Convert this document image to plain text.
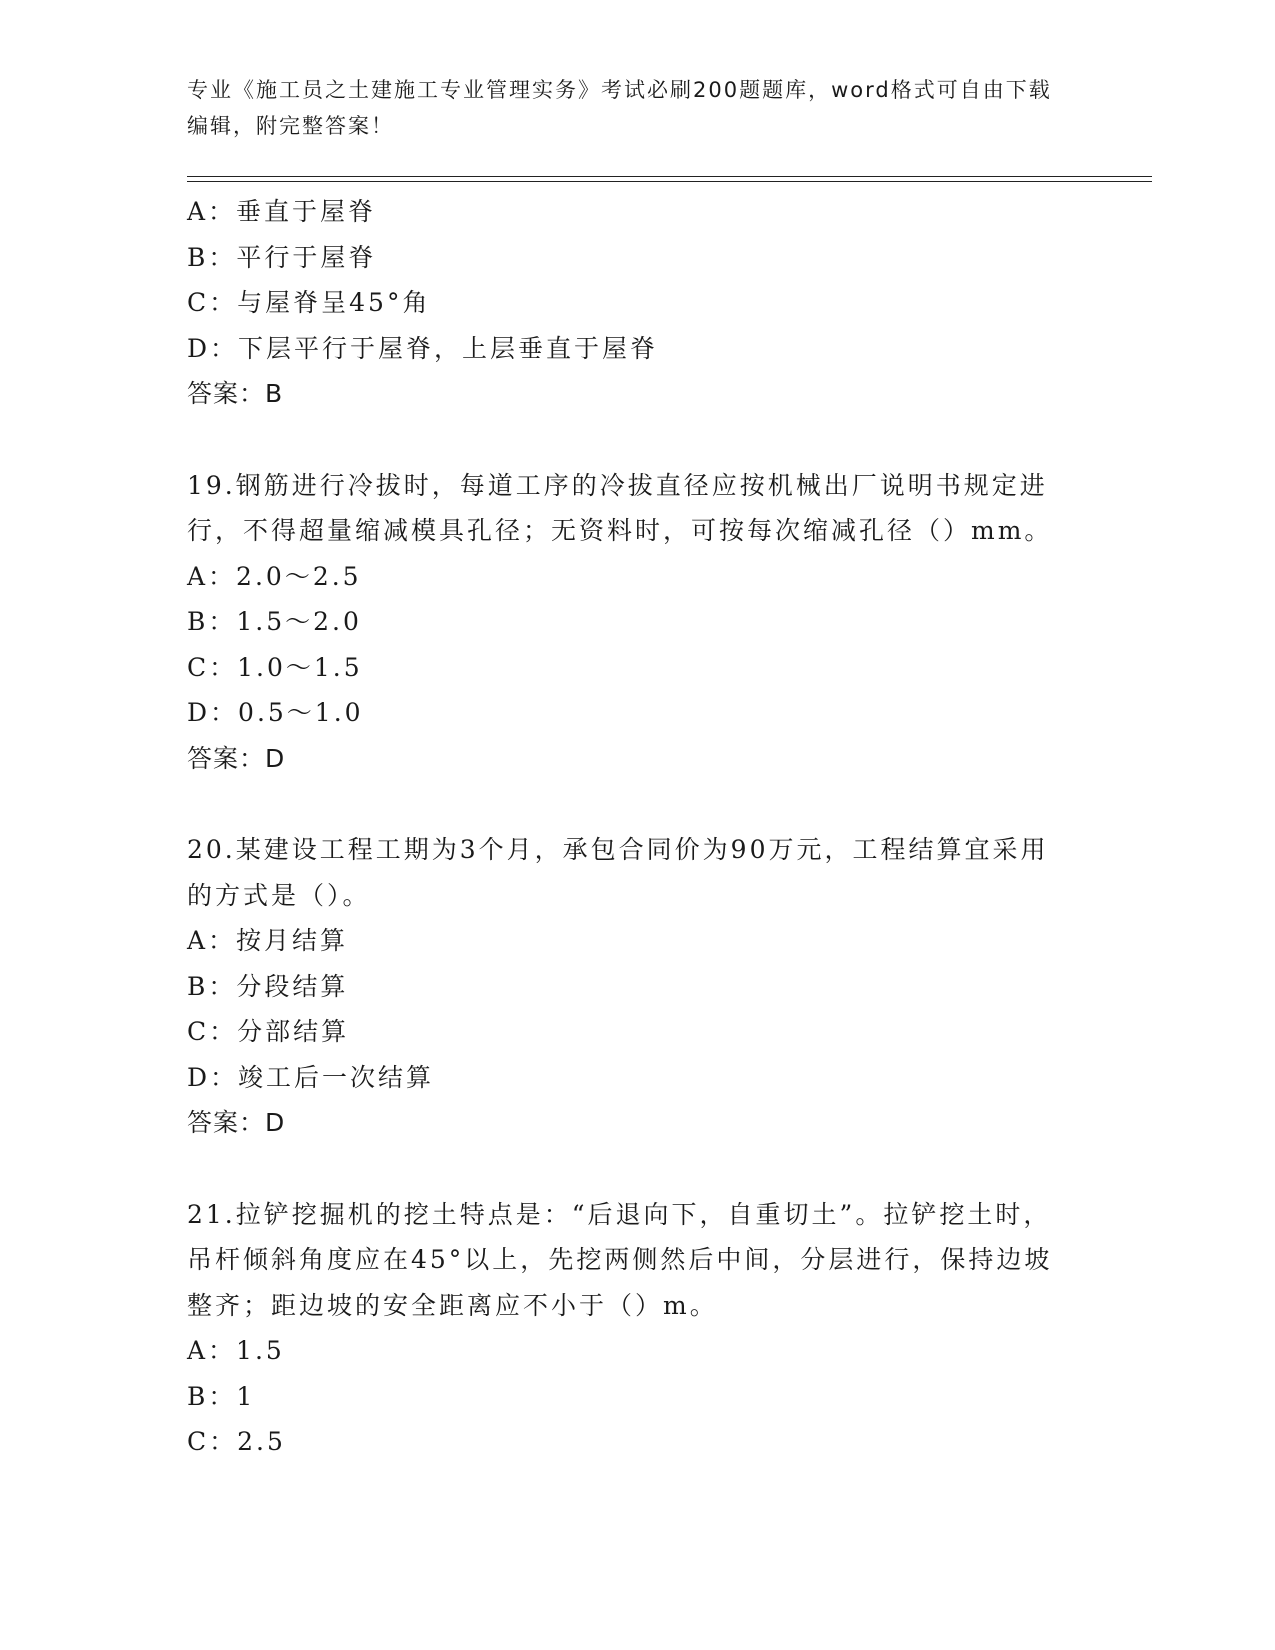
专业《施工员之土建施工专业管理实务》考试必刷200题题库，word格式可自由下载编辑，附完整答案！
A：垂直于屋脊
B：平行于屋脊
C：与屋脊呈45°角
D：下层平行于屋脊，上层垂直于屋脊
答案：B
19.钢筋进行冷拔时，每道工序的冷拔直径应按机械出厂说明书规定进行，不得超量缩减模具孔径；无资料时，可按每次缩减孔径（）mm。
A：2.0～2.5
B：1.5～2.0
C：1.0～1.5
D：0.5～1.0
答案：D
20.某建设工程工期为3个月，承包合同价为90万元，工程结算宜采用的方式是（）。
A：按月结算
B：分段结算
C：分部结算
D：竣工后一次结算
答案：D
21.拉铲挖掘机的挖土特点是：“后退向下，自重切土”。拉铲挖土时，吊杆倾斜角度应在45°以上，先挖两侧然后中间，分层进行，保持边坡整齐；距边坡的安全距离应不小于（）m。
A：1.5
B：1
C：2.5
